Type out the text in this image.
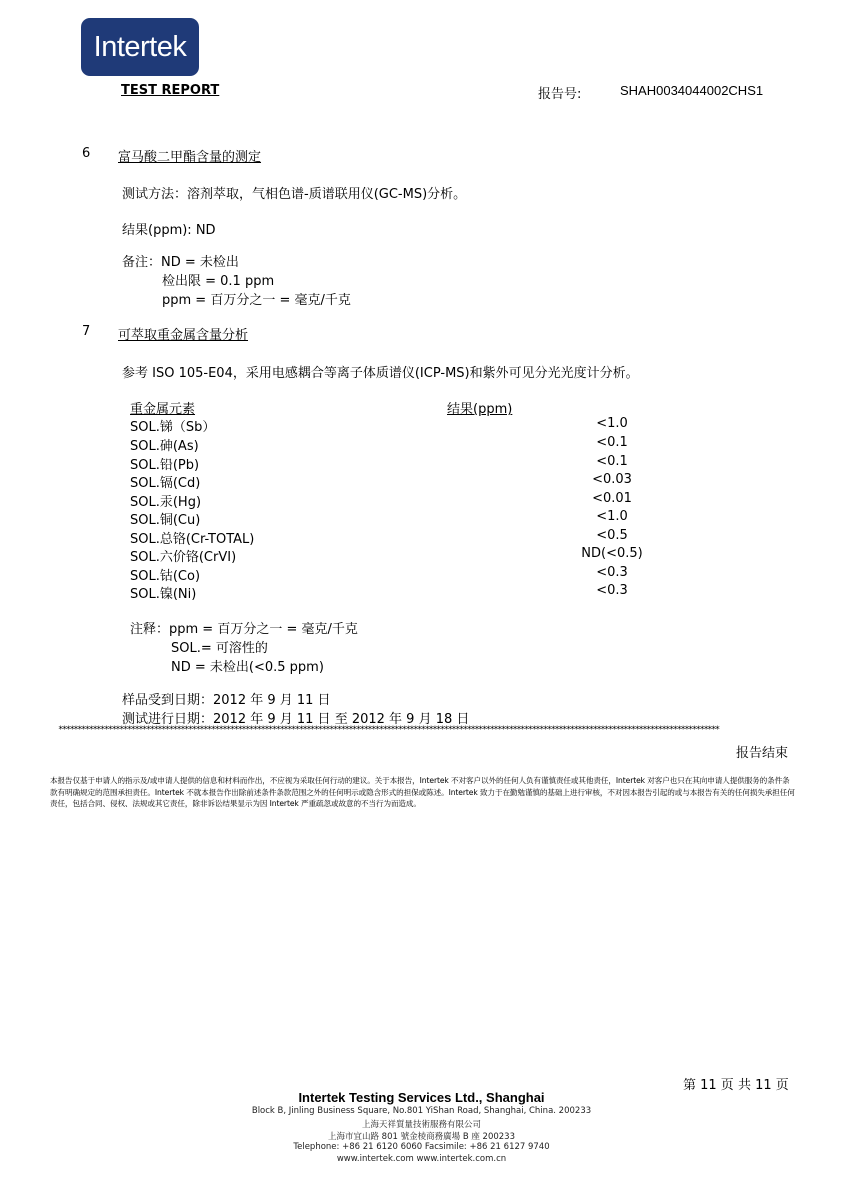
Intertek
TEST REPORT	报告号:	SHAH0034044002CHS1
6 富马酸二甲酯含量的测定
测试方法：溶剂萃取，气相色谱-质谱联用仪(GC-MS)分析。
结果(ppm): ND
备注：ND = 未检出
检出限 = 0.1 ppm
ppm = 百万分之一 = 毫克/千克
7 可萃取重金属含量分析
参考 ISO 105-E04，采用电感耦合等离子体质谱仪(ICP-MS)和紫外可见分光光度计分析。
重金属元素	结果(ppm)
SOL.锑（Sb）	<1.0
SOL.砷(As)	<0.1
SOL.铅(Pb)	<0.1
SOL.镉(Cd)	<0.03
SOL.汞(Hg)	<0.01
SOL.铜(Cu)	<1.0
SOL.总铬(Cr-TOTAL)	<0.5
SOL.六价铬(CrVI)	ND(<0.5)
SOL.钴(Co)	<0.3
SOL.镍(Ni)	<0.3
注释：ppm = 百万分之一 = 毫克/千克
SOL.= 可溶性的
ND = 未检出(<0.5 ppm)
样品受到日期：2012 年 9 月 11 日
测试进行日期：2012 年 9 月 11 日 至 2012 年 9 月 18 日
*****************************************************************************************************************************************************************************
报告结束
本报告仅基于申请人的指示及/或申请人提供的信息和材料而作出，不应视为采取任何行动的建议。关于本报告，Intertek 不对客户以外的任何人负有谨慎责任或其他责任，Intertek 对客户也只在其向申请人提供服务的条件条款有明确规定的范围承担责任。Intertek 不就本报告作出除前述条件条款范围之外的任何明示或隐含形式的担保或陈述。Intertek 致力于在勤勉谨慎的基础上进行审核，不对因本报告引起的或与本报告有关的任何损失承担任何责任，包括合同、侵权、法规或其它责任，除非诉讼结果显示为因 Intertek 严重疏忽或故意的不当行为而造成。
第 11 页 共 11 页
Intertek Testing Services Ltd., Shanghai
Block B, Jinling Business Square, No.801 YiShan Road, Shanghai, China. 200233
上海天祥質量技術服務有限公司
上海市宜山路 801 號金棱商務廣場 B 座 200233
Telephone: +86 21 6120 6060 Facsimile: +86 21 6127 9740
www.intertek.com www.intertek.com.cn
